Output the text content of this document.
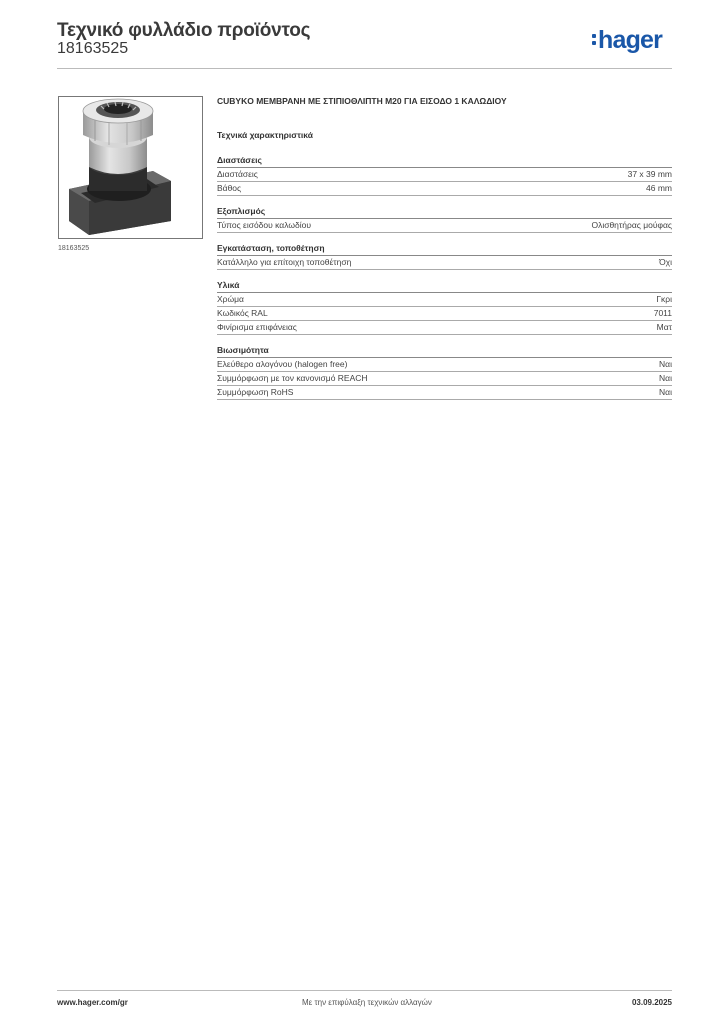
Τεχνικό φυλλάδιο προϊόντος
18163525	hager
18163525
CUBYKO ΜΕΜΒΡΑΝΗ ΜΕ ΣΤΙΠΙΟΘΛΙΠΤΗ M20 ΓΙΑ ΕΙΣΟΔΟ 1 ΚΑΛΩΔΙΟΥ
Τεχνικά χαρακτηριστικά
Διαστάσεις
Διαστάσεις	37 x 39 mm
Βάθος	46 mm
Εξοπλισμός
Τύπος εισόδου καλωδίου	Ολισθητήρας μούφας
Εγκατάσταση, τοποθέτηση
Κατάλληλο για επίτοιχη τοποθέτηση	Όχι
Υλικά
Χρώμα	Γκρι
Κωδικός RAL	7011
Φινίρισμα επιφάνειας	Ματ
Βιωσιμότητα
Ελεύθερο αλογόνου (halogen free)	Ναι
Συμμόρφωση με τον κανονισμό REACH	Ναι
Συμμόρφωση RoHS	Ναι
www.hager.com/gr	Με την επιφύλαξη τεχνικών αλλαγών	03.09.2025
